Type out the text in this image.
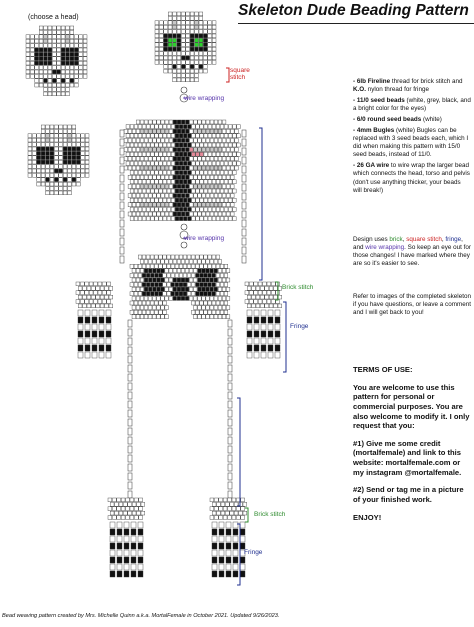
Skeleton Dude Beading Pattern
(choose a head)
square
stitch
wire wrapping
wire wrapping
Brick stitch
Fringe
Brick stitch
Fringe
- 6lb Fireline thread for brick stitch and K.O. nylon thread for fringe
- 11/0 seed beads (white, grey, black, and a bright color for the eyes)
- 6/0 round seed beads (white)
- 4mm Bugles (white) Bugles can be replaced with 3 seed beads each, which I did when making this pattern with 15/0 seed beads, instead of 11/0.
- 26 GA wire to wire wrap the larger bead which connects the head, torso and pelvis (don't use anything thicker, your beads will break!)
Design uses brick, square stitch, fringe, and wire wrapping. So keep an eye out for those changes! I have marked where they are so it's easier to see.
Refer to images of the completed skeleton if you have questions, or leave a comment and I will get back to you!

TERMS OF USE:

You are welcome to use this pattern for personal or commercial purposes. You are also welcome to modify it. I only request that you:

#1) Give me some credit (mortalfemale) and link to this website: mortalfemale.com or my instagram @mortalfemale.

#2) Send or tag me in a picture of your finished work.

ENJOY!

Bead weaving pattern created by Mrs. Michelle Quinn a.k.a. MortalFemale in October 2021. Updated 9/26/2023.
